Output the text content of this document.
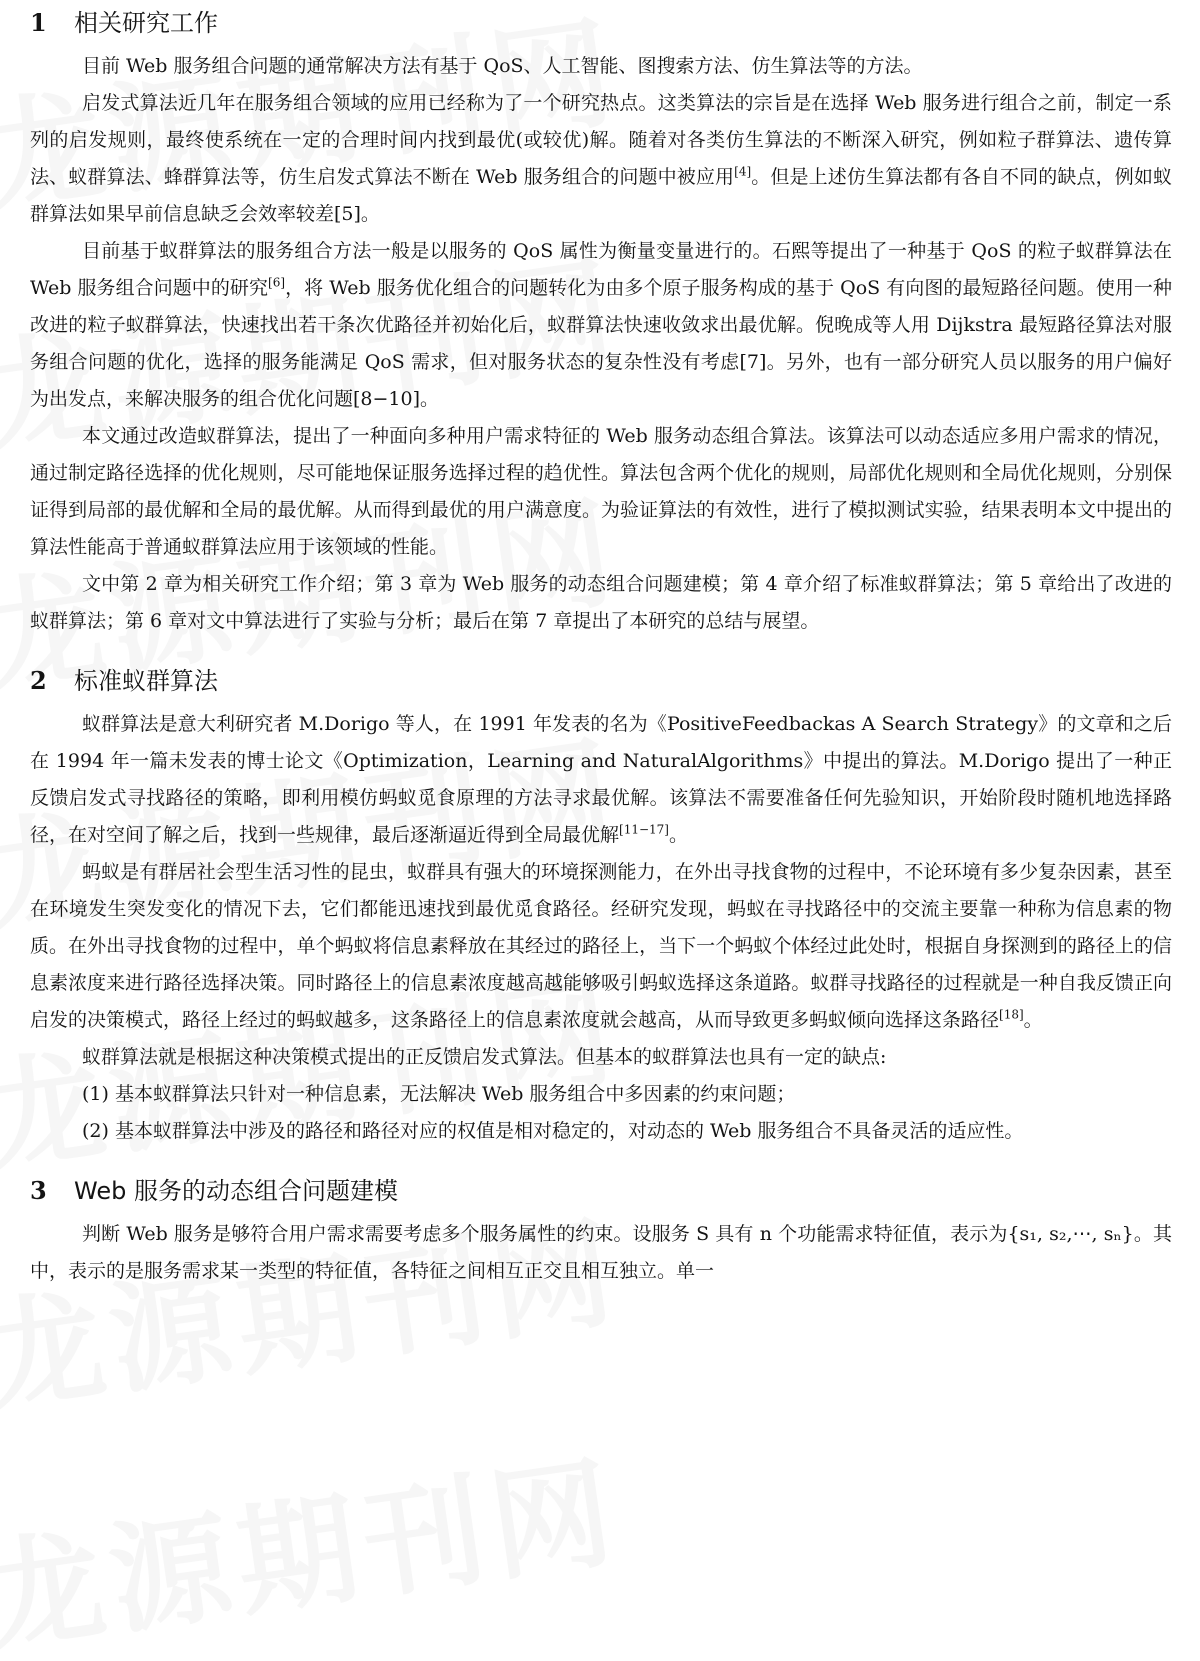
1 相关研究工作

目前 Web 服务组合问题的通常解决方法有基于 QoS、人工智能、图搜索方法、仿生算法等的方法。

启发式算法近几年在服务组合领域的应用已经称为了一个研究热点。这类算法的宗旨是在选择 Web 服务进行组合之前，制定一系列的启发规则，最终使系统在一定的合理时间内找到最优(或较优)解。随着对各类仿生算法的不断深入研究，例如粒子群算法、遗传算法、蚁群算法、蜂群算法等，仿生启发式算法不断在 Web 服务组合的问题中被应用[4]。但是上述仿生算法都有各自不同的缺点，例如蚁群算法如果早前信息缺乏会效率较差[5]。

目前基于蚁群算法的服务组合方法一般是以服务的 QoS 属性为衡量变量进行的。石熙等提出了一种基于 QoS 的粒子蚁群算法在 Web 服务组合问题中的研究[6]，将 Web 服务优化组合的问题转化为由多个原子服务构成的基于 QoS 有向图的最短路径问题。使用一种改进的粒子蚁群算法，快速找出若干条次优路径并初始化后，蚁群算法快速收敛求出最优解。倪晚成等人用 Dijkstra 最短路径算法对服务组合问题的优化，选择的服务能满足 QoS 需求，但对服务状态的复杂性没有考虑[7]。另外，也有一部分研究人员以服务的用户偏好为出发点，来解决服务的组合优化问题[8−10]。

本文通过改造蚁群算法，提出了一种面向多种用户需求特征的 Web 服务动态组合算法。该算法可以动态适应多用户需求的情况，通过制定路径选择的优化规则，尽可能地保证服务选择过程的趋优性。算法包含两个优化的规则，局部优化规则和全局优化规则，分别保证得到局部的最优解和全局的最优解。从而得到最优的用户满意度。为验证算法的有效性，进行了模拟测试实验，结果表明本文中提出的算法性能高于普通蚁群算法应用于该领域的性能。

文中第 2 章为相关研究工作介绍；第 3 章为 Web 服务的动态组合问题建模；第 4 章介绍了标准蚁群算法；第 5 章给出了改进的蚁群算法；第 6 章对文中算法进行了实验与分析；最后在第 7 章提出了本研究的总结与展望。

2 标准蚁群算法

蚁群算法是意大利研究者 M.Dorigo 等人，在 1991 年发表的名为《PositiveFeedbackas A Search Strategy》的文章和之后在 1994 年一篇未发表的博士论文《Optimization，Learning and NaturalAlgorithms》中提出的算法。M.Dorigo 提出了一种正反馈启发式寻找路径的策略，即利用模仿蚂蚁觅食原理的方法寻求最优解。该算法不需要准备任何先验知识，开始阶段时随机地选择路径，在对空间了解之后，找到一些规律，最后逐渐逼近得到全局最优解[11−17]。

蚂蚁是有群居社会型生活习性的昆虫，蚁群具有强大的环境探测能力，在外出寻找食物的过程中，不论环境有多少复杂因素，甚至在环境发生突发变化的情况下去，它们都能迅速找到最优觅食路径。经研究发现，蚂蚁在寻找路径中的交流主要靠一种称为信息素的物质。在外出寻找食物的过程中，单个蚂蚁将信息素释放在其经过的路径上，当下一个蚂蚁个体经过此处时，根据自身探测到的路径上的信息素浓度来进行路径选择决策。同时路径上的信息素浓度越高越能够吸引蚂蚁选择这条道路。蚁群寻找路径的过程就是一种自我反馈正向启发的决策模式，路径上经过的蚂蚁越多，这条路径上的信息素浓度就会越高，从而导致更多蚂蚁倾向选择这条路径[18]。

蚁群算法就是根据这种决策模式提出的正反馈启发式算法。但基本的蚁群算法也具有一定的缺点:

(1) 基本蚁群算法只针对一种信息素，无法解决 Web 服务组合中多因素的约束问题；

(2) 基本蚁群算法中涉及的路径和路径对应的权值是相对稳定的，对动态的 Web 服务组合不具备灵活的适应性。

3 Web 服务的动态组合问题建模

判断 Web 服务是够符合用户需求需要考虑多个服务属性的约束。设服务 S 具有 n 个功能需求特征值，表示为{s₁, s₂,⋯, sₙ}。其中，表示的是服务需求某一类型的特征值，各特征之间相互正交且相互独立。单一
